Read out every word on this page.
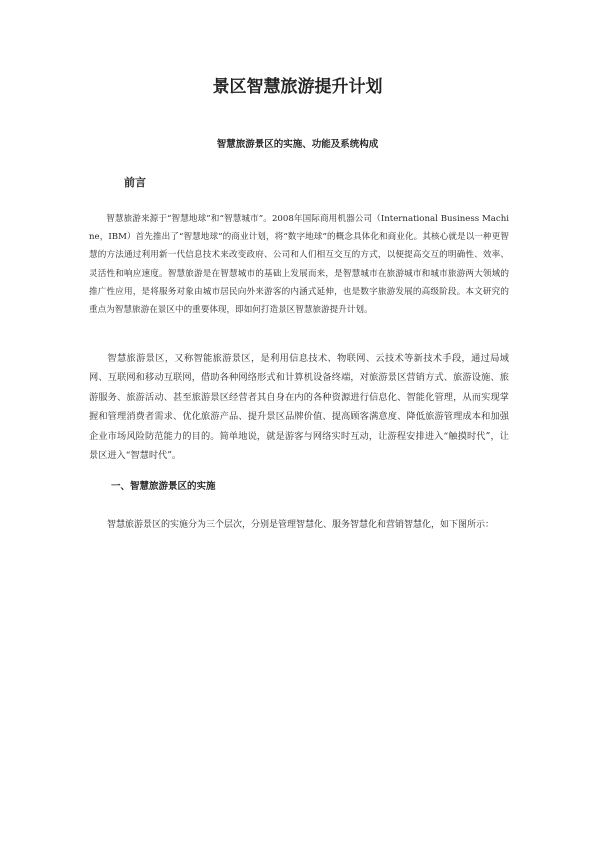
景区智慧旅游提升计划
智慧旅游景区的实施、功能及系统构成
前言

智慧旅游来源于“智慧地球”和“智慧城市”。2008年国际商用机器公司（International Business Machine，IBM）首先推出了“智慧地球”的商业计划，将“数字地球”的概念具体化和商业化。其核心就是以一种更智慧的方法通过利用新一代信息技术来改变政府、公司和人们相互交互的方式，以便提高交互的明确性、效率、灵活性和响应速度。智慧旅游是在智慧城市的基础上发展而来，是智慧城市在旅游城市和城市旅游两大领域的推广性应用，是将服务对象由城市居民向外来游客的内涵式延伸，也是数字旅游发展的高级阶段。本文研究的重点为智慧旅游在景区中的重要体现，即如何打造景区智慧旅游提升计划。

智慧旅游景区，又称智能旅游景区，是利用信息技术、物联网、云技术等新技术手段，通过局域网、互联网和移动互联网，借助各种网络形式和计算机设备终端，对旅游景区营销方式、旅游设施、旅游服务、旅游活动、甚至旅游景区经营者其自身在内的各种资源进行信息化、智能化管理，从而实现掌握和管理消费者需求、优化旅游产品、提升景区品牌价值、提高顾客满意度、降低旅游管理成本和加强企业市场风险防范能力的目的。简单地说，就是游客与网络实时互动，让游程安排进入“触摸时代”，让景区进入“智慧时代”。

一、智慧旅游景区的实施

智慧旅游景区的实施分为三个层次，分别是管理智慧化、服务智慧化和营销智慧化，如下图所示：
